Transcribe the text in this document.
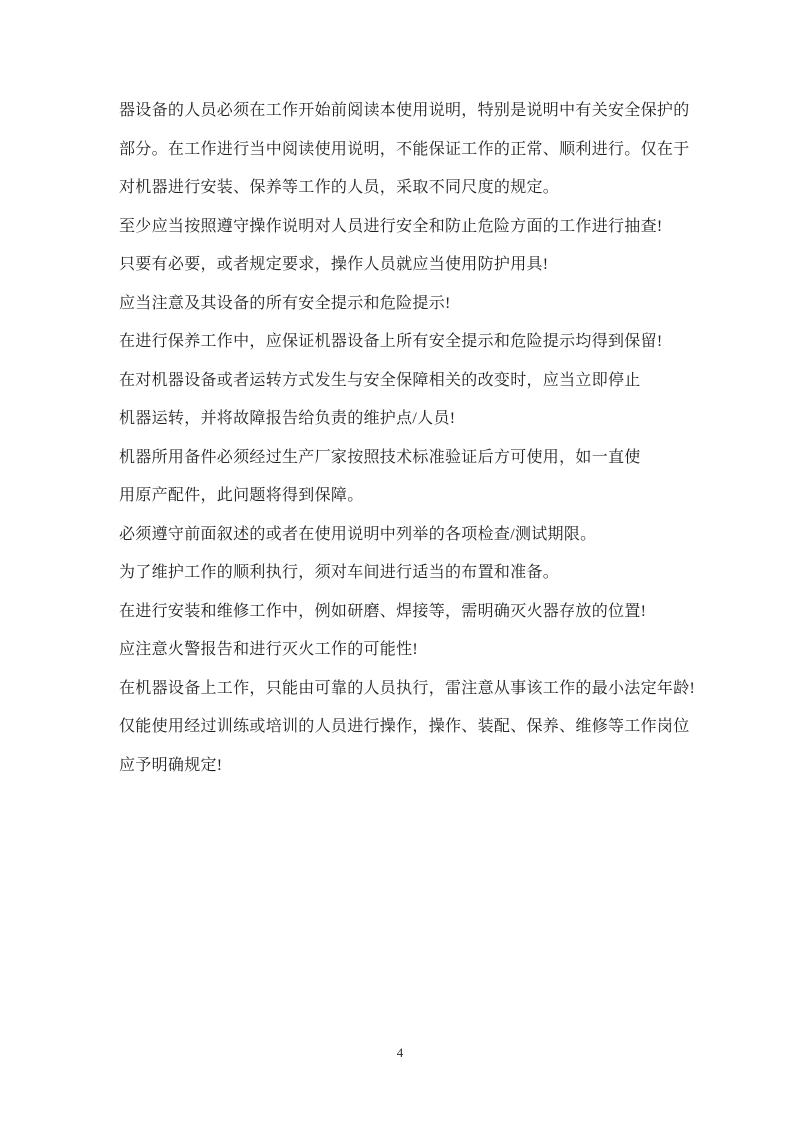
器设备的人员必须在工作开始前阅读本使用说明，特别是说明中有关安全保护的
部分。在工作进行当中阅读使用说明，不能保证工作的正常、顺利进行。仅在于
对机器进行安装、保养等工作的人员，采取不同尺度的规定。
至少应当按照遵守操作说明对人员进行安全和防止危险方面的工作进行抽查!
只要有必要，或者规定要求，操作人员就应当使用防护用具!
应当注意及其设备的所有安全提示和危险提示!
在进行保养工作中，应保证机器设备上所有安全提示和危险提示均得到保留!
在对机器设备或者运转方式发生与安全保障相关的改变时，应当立即停止
机器运转，并将故障报告给负责的维护点/人员!
机器所用备件必须经过生产厂家按照技术标准验证后方可使用，如一直使
用原产配件，此问题将得到保障。
必须遵守前面叙述的或者在使用说明中列举的各项检查/测试期限。
为了维护工作的顺利执行，须对车间进行适当的布置和准备。
在进行安装和维修工作中，例如研磨、焊接等，需明确灭火器存放的位置!
应注意火警报告和进行灭火工作的可能性!
在机器设备上工作，只能由可靠的人员执行，雷注意从事该工作的最小法定年龄!
仅能使用经过训练或培训的人员进行操作，操作、装配、保养、维修等工作岗位
应予明确规定!
4
